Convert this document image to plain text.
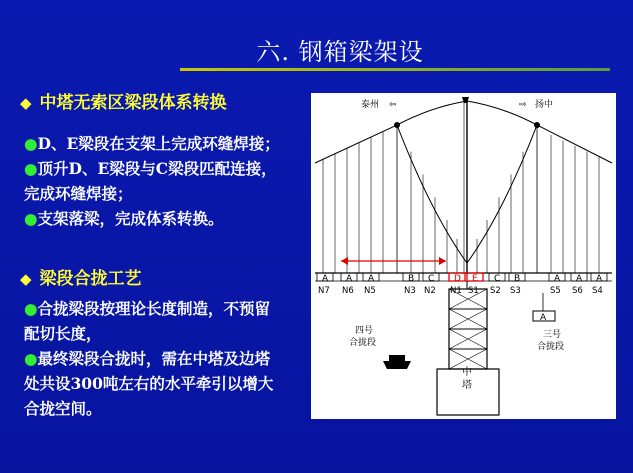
六. 钢箱梁架设
◆ 中塔无索区梁段体系转换
●D、E梁段在支架上完成环缝焊接；
●顶升D、E梁段与C梁段匹配连接，
完成环缝焊接；
●支架落梁，完成体系转换。
◆ 梁段合拢工艺
●合拢梁段按理论长度制造，不预留
配切长度，
●最终梁段合拢时，需在中塔及边塔
处共设300吨左右的水平牵引以增大
合拢空间。
泰州 ⇦	⇨ 扬中
A
N7
A
N6
A
N5
B
N3
C
N2
D
N1
E
S1
C
S2
B
S3
A
S5
A
S6
A
S4
中
塔
四号
合拢段
三号
合拢段
A
